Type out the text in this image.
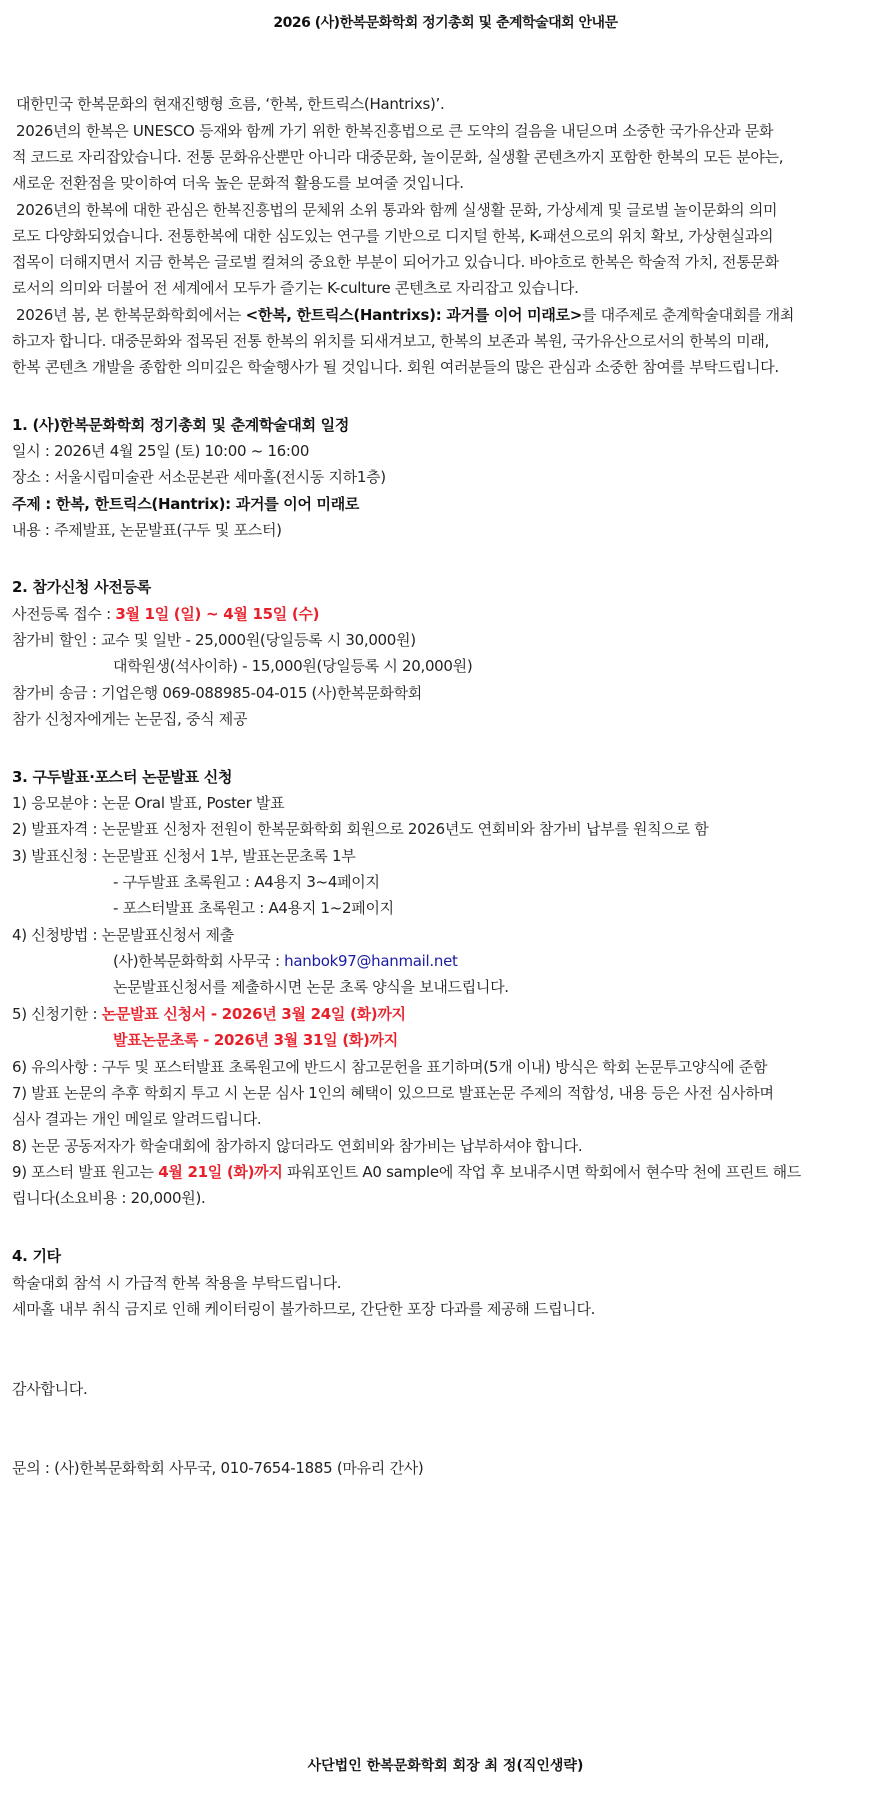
2026 (사)한복문화학회 정기총회 및 춘계학술대회 안내문
대한민국 한복문화의 현재진행형 흐름, ‘한복, 한트릭스(Hantrixs)’.
2026년의 한복은 UNESCO 등재와 함께 가기 위한 한복진흥법으로 큰 도약의 걸음을 내딛으며 소중한 국가유산과 문화
적 코드로 자리잡았습니다. 전통 문화유산뿐만 아니라 대중문화, 놀이문화, 실생활 콘텐츠까지 포함한 한복의 모든 분야는,
새로운 전환점을 맞이하여 더욱 높은 문화적 활용도를 보여줄 것입니다.
2026년의 한복에 대한 관심은 한복진흥법의 문체위 소위 통과와 함께 실생활 문화, 가상세계 및 글로벌 놀이문화의 의미
로도 다양화되었습니다. 전통한복에 대한 심도있는 연구를 기반으로 디지털 한복, K-패션으로의 위치 확보, 가상현실과의
접목이 더해지면서 지금 한복은 글로벌 컬쳐의 중요한 부분이 되어가고 있습니다. 바야흐로 한복은 학술적 가치, 전통문화
로서의 의미와 더불어 전 세계에서 모두가 즐기는 K-culture 콘텐츠로 자리잡고 있습니다.
2026년 봄, 본 한복문화학회에서는 <한복, 한트릭스(Hantrixs): 과거를 이어 미래로>를 대주제로 춘계학술대회를 개최
하고자 합니다. 대중문화와 접목된 전통 한복의 위치를 되새겨보고, 한복의 보존과 복원, 국가유산으로서의 한복의 미래,
한복 콘텐츠 개발을 종합한 의미깊은 학술행사가 될 것입니다. 회원 여러분들의 많은 관심과 소중한 참여를 부탁드립니다.
1. (사)한복문화학회 정기총회 및 춘계학술대회 일정
일시 : 2026년 4월 25일 (토) 10:00 ~ 16:00
장소 : 서울시립미술관 서소문본관 세마홀(전시동 지하1층)
주제 : 한복, 한트릭스(Hantrix): 과거를 이어 미래로
내용 : 주제발표, 논문발표(구두 및 포스터)
2. 참가신청 사전등록
사전등록 접수 : 3월 1일 (일) ~ 4월 15일 (수)
참가비 할인 : 교수 및 일반 - 25,000원(당일등록 시 30,000원)
대학원생(석사이하) - 15,000원(당일등록 시 20,000원)
참가비 송금 : 기업은행 069-088985-04-015 (사)한복문화학회
참가 신청자에게는 논문집, 중식 제공
3. 구두발표·포스터 논문발표 신청
1) 응모분야 : 논문 Oral 발표, Poster 발표
2) 발표자격 : 논문발표 신청자 전원이 한복문화학회 회원으로 2026년도 연회비와 참가비 납부를 원칙으로 함
3) 발표신청 : 논문발표 신청서 1부, 발표논문초록 1부
- 구두발표 초록원고 : A4용지 3~4페이지
- 포스터발표 초록원고 : A4용지 1~2페이지
4) 신청방법 : 논문발표신청서 제출
(사)한복문화학회 사무국 : hanbok97@hanmail.net
논문발표신청서를 제출하시면 논문 초록 양식을 보내드립니다.
5) 신청기한 : 논문발표 신청서 - 2026년 3월 24일 (화)까지
발표논문초록 - 2026년 3월 31일 (화)까지
6) 유의사항 : 구두 및 포스터발표 초록원고에 반드시 참고문헌을 표기하며(5개 이내) 방식은 학회 논문투고양식에 준함
7) 발표 논문의 추후 학회지 투고 시 논문 심사 1인의 혜택이 있으므로 발표논문 주제의 적합성, 내용 등은 사전 심사하며
심사 결과는 개인 메일로 알려드립니다.
8) 논문 공동저자가 학술대회에 참가하지 않더라도 연회비와 참가비는 납부하셔야 합니다.
9) 포스터 발표 원고는 4월 21일 (화)까지 파워포인트 A0 sample에 작업 후 보내주시면 학회에서 현수막 천에 프린트 해드
립니다(소요비용 : 20,000원).
4. 기타
학술대회 참석 시 가급적 한복 착용을 부탁드립니다.
세마홀 내부 취식 금지로 인해 케이터링이 불가하므로, 간단한 포장 다과를 제공해 드립니다.
감사합니다.
문의 : (사)한복문화학회 사무국, 010-7654-1885 (마유리 간사)
사단법인 한복문화학회 회장 최 정(직인생략)
